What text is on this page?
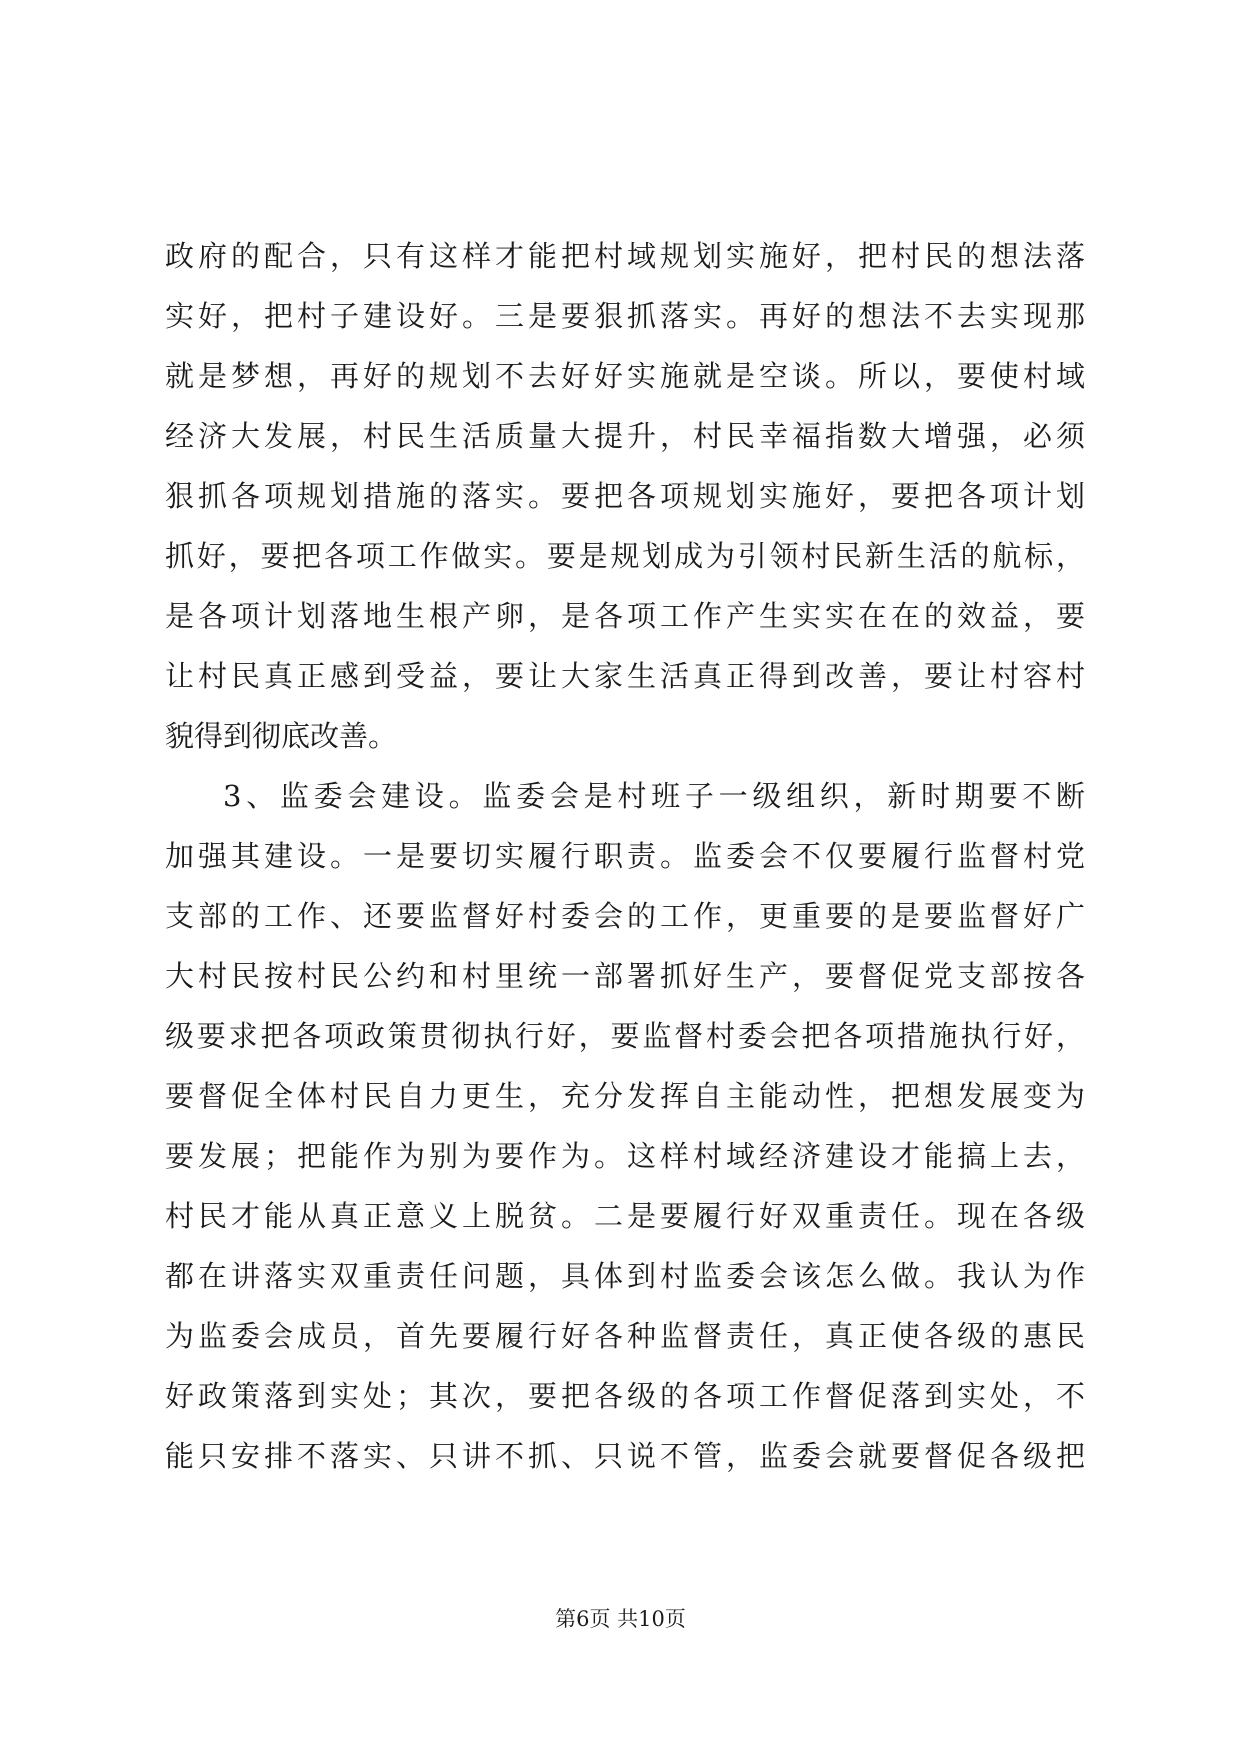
政府的配合，只有这样才能把村域规划实施好，把村民的想法落
实好，把村子建设好。三是要狠抓落实。再好的想法不去实现那
就是梦想，再好的规划不去好好实施就是空谈。所以，要使村域
经济大发展，村民生活质量大提升，村民幸福指数大增强，必须
狠抓各项规划措施的落实。要把各项规划实施好，要把各项计划
抓好，要把各项工作做实。要是规划成为引领村民新生活的航标，
是各项计划落地生根产卵，是各项工作产生实实在在的效益，要
让村民真正感到受益，要让大家生活真正得到改善，要让村容村
貌得到彻底改善。
3、监委会建设。监委会是村班子一级组织，新时期要不断
加强其建设。一是要切实履行职责。监委会不仅要履行监督村党
支部的工作、还要监督好村委会的工作，更重要的是要监督好广
大村民按村民公约和村里统一部署抓好生产，要督促党支部按各
级要求把各项政策贯彻执行好，要监督村委会把各项措施执行好，
要督促全体村民自力更生，充分发挥自主能动性，把想发展变为
要发展；把能作为别为要作为。这样村域经济建设才能搞上去，
村民才能从真正意义上脱贫。二是要履行好双重责任。现在各级
都在讲落实双重责任问题，具体到村监委会该怎么做。我认为作
为监委会成员，首先要履行好各种监督责任，真正使各级的惠民
好政策落到实处；其次，要把各级的各项工作督促落到实处，不
能只安排不落实、只讲不抓、只说不管，监委会就要督促各级把
第6页 共10页
